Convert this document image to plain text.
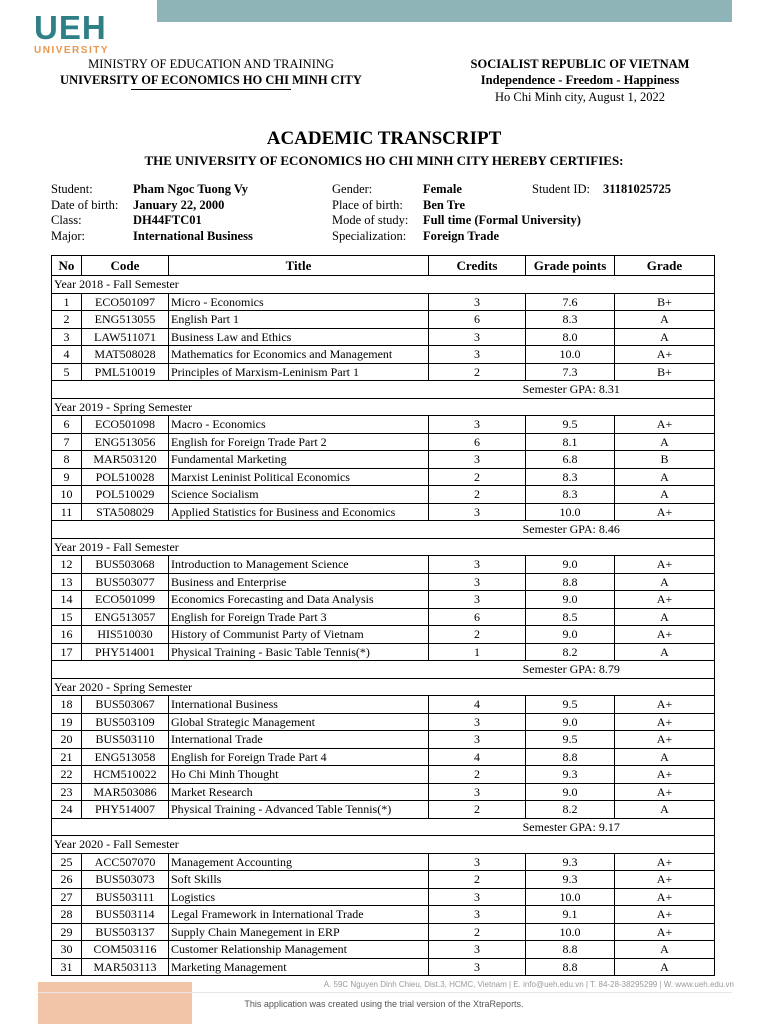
UEH
UNIVERSITY
MINISTRY OF EDUCATION AND TRAINING
UNIVERSITY OF ECONOMICS HO CHI MINH CITY
SOCIALIST REPUBLIC OF VIETNAM
Independence - Freedom - Happiness
Ho Chi Minh city, August 1, 2022
ACADEMIC TRANSCRIPT
THE UNIVERSITY OF ECONOMICS HO CHI MINH CITY HEREBY CERTIFIES:
Student:	Pham Ngoc Tuong Vy	Gender:	Female	Student ID: 31181025725
Date of birth: January 22, 2000	Place of birth: Ben Tre
Class:	DH44FTC01	Mode of study: Full time (Formal University)
Major:	International Business	Specialization: Foreign Trade
No	Code	Title	Credits	Grade points	Grade
Year 2018 - Fall Semester					
1	ECO501097	Micro - Economics	3	7.6	B+
2	ENG513055	English Part 1	6	8.3	A
3	LAW511071	Business Law and Ethics	3	8.0	A
4	MAT508028	Mathematics for Economics and Management	3	10.0	A+
5	PML510019	Principles of Marxism-Leninism Part 1	2	7.3	B+
			Semester GPA: 8.31		
Year 2019 - Spring Semester					
6	ECO501098	Macro - Economics	3	9.5	A+
7	ENG513056	English for Foreign Trade Part 2	6	8.1	A
8	MAR503120	Fundamental Marketing	3	6.8	B
9	POL510028	Marxist Leninist Political Economics	2	8.3	A
10	POL510029	Science Socialism	2	8.3	A
11	STA508029	Applied Statistics for Business and Economics	3	10.0	A+
			Semester GPA: 8.46		
Year 2019 - Fall Semester					
12	BUS503068	Introduction to Management Science	3	9.0	A+
13	BUS503077	Business and Enterprise	3	8.8	A
14	ECO501099	Economics Forecasting and Data Analysis	3	9.0	A+
15	ENG513057	English for Foreign Trade Part 3	6	8.5	A
16	HIS510030	History of Communist Party of Vietnam	2	9.0	A+
17	PHY514001	Physical Training - Basic Table Tennis(*)	1	8.2	A
			Semester GPA: 8.79		
Year 2020 - Spring Semester					
18	BUS503067	International Business	4	9.5	A+
19	BUS503109	Global Strategic Management	3	9.0	A+
20	BUS503110	International Trade	3	9.5	A+
21	ENG513058	English for Foreign Trade Part 4	4	8.8	A
22	HCM510022	Ho Chi Minh Thought	2	9.3	A+
23	MAR503086	Market Research	3	9.0	A+
24	PHY514007	Physical Training - Advanced Table Tennis(*)	2	8.2	A
			Semester GPA: 9.17		
Year 2020 - Fall Semester					
25	ACC507070	Management Accounting	3	9.3	A+
26	BUS503073	Soft Skills	2	9.3	A+
27	BUS503111	Logistics	3	10.0	A+
28	BUS503114	Legal Framework in International Trade	3	9.1	A+
29	BUS503137	Supply Chain Manegement in ERP	2	10.0	A+
30	COM503116	Customer Relationship Management	3	8.8	A
31	MAR503113	Marketing Management	3	8.8	A
A. 59C Nguyen Dinh Chieu, Dist.3, HCMC, Vietnam | E. info@ueh.edu.vn | T. 84-28-38295299 | W. www.ueh.edu.vn
This application was created using the trial version of the XtraReports.
